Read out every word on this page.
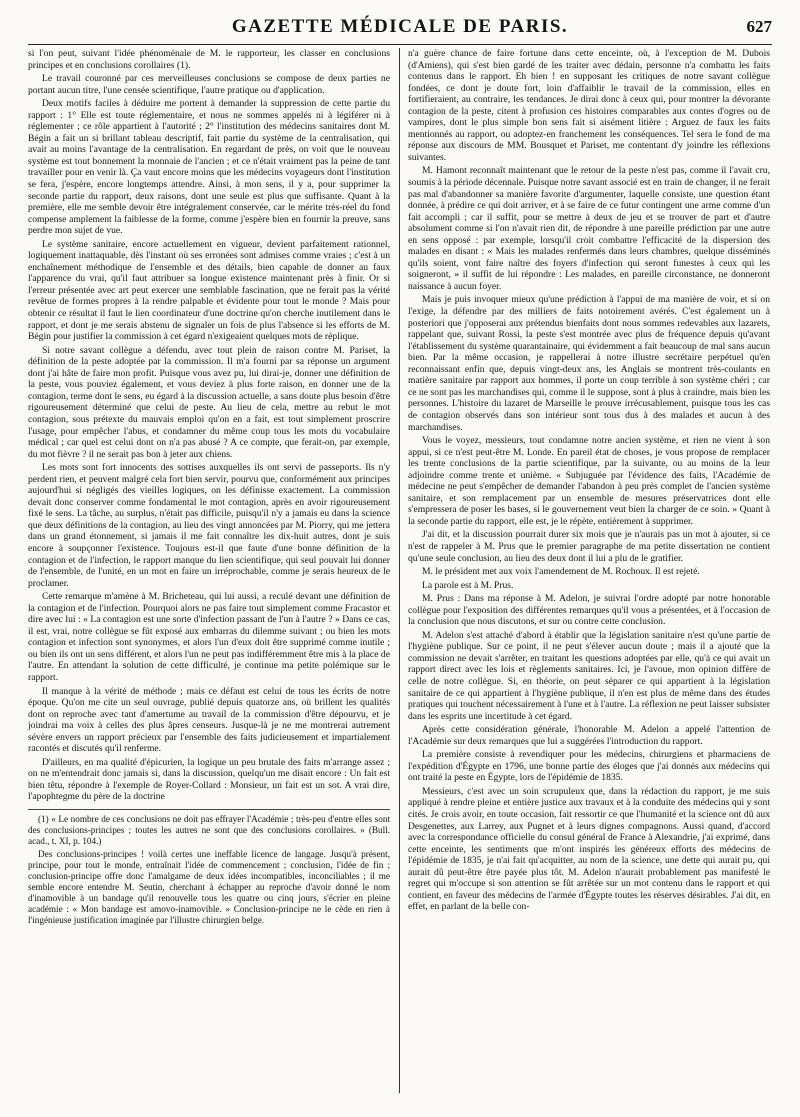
GAZETTE MÉDICALE DE PARIS.	627

si l'on peut, suivant l'idée phénoménale de M. le rapporteur, les classer en conclusions principes et en conclusions corollaires (1).

Le travail couronné par ces merveilleuses conclusions se compose de deux parties ne portant aucun titre, l'une censée scientifique, l'autre pratique ou d'application.

Deux motifs faciles à déduire me portent à demander la suppression de cette partie du rapport : 1° Elle est toute réglementaire, et nous ne sommes appelés ni à légiférer ni à réglementer ; ce rôle appartient à l'autorité ; 2° l'institution des médecins sanitaires dont M. Bégin a fait un si brillant tableau descriptif, fait partie du système de la centralisation, qui avait au moins l'avantage de la centralisation. En regardant de près, on voit que le nouveau système est tout bonnement la monnaie de l'ancien ; et ce n'était vraiment pas la peine de tant travailler pour en venir là. Ça vaut encore moins que les médecins voyageurs dont l'institution se fera, j'espère, encore longtemps attendre. Ainsi, à mon sens, il y a, pour supprimer la seconde partie du rapport, deux raisons, dont une seule est plus que suffisante. Quant à la première, elle me semble devoir être intégralement conservée, car le mérite très-réel du fond compense amplement la faiblesse de la forme, comme j'espère bien en fournir la preuve, sans perdre mon sujet de vue.

Le système sanitaire, encore actuellement en vigueur, devient parfaitement rationnel, logiquement inattaquable, dès l'instant où ses erronées sont admises comme vraies ; c'est à un enchaînement méthodique de l'ensemble et des détails, bien capable de donner au faux l'apparence du vrai, qu'il faut attribuer sa longue existence maintenant près à finir. Or si l'erreur présentée avec art peut exercer une semblable fascination, que ne ferait pas la vérité revêtue de formes propres à la rendre palpable et évidente pour tout le monde ? Mais pour obtenir ce résultat il faut le lien coordinateur d'une doctrine qu'on cherche inutilement dans le rapport, et dont je me serais abstenu de signaler un fois de plus l'absence si les efforts de M. Bégin pour justifier la commission à cet égard n'exigeaient quelques mots de réplique.

Si notre savant collègue a défendu, avec tout plein de raison contre M. Pariset, la définition de la peste adoptée par la commission. Il m'a fourni par sa réponse un argument dont j'ai hâte de faire mon profit. Puisque vous avez pu, lui dirai-je, donner une définition de la peste, vous pouviez également, et vous deviez à plus forte raison, en donner une de la contagion, terme dont le sens, eu égard à la discussion actuelle, a sans doute plus besoin d'être rigoureusement déterminé que celui de peste. Au lieu de cela, mettre au rebut le mot contagion, sous prétexte du mauvais emploi qu'on en a fait, est tout simplement proscrire l'usage, pour empêcher l'abus, et condamner du même coup tous les mots du vocabulaire médical ; car quel est celui dont on n'a pas abusé ? A ce compte, que ferait-on, par exemple, du mot fièvre ? il ne serait pas bon à jeter aux chiens.

Les mots sont fort innocents des sottises auxquelles ils ont servi de passeports. Ils n'y perdent rien, et peuvent malgré cela fort bien servir, pourvu que, conformément aux principes aujourd'hui si négligés des vieilles logiques, on les définisse exactement. La commission devait donc conserver comme fondamental le mot contagion, après en avoir rigoureusement fixé le sens. La tâche, au surplus, n'était pas difficile, puisqu'il n'y a jamais eu dans la science que deux définitions de la contagion, au lieu des vingt annoncées par M. Piorry, qui me jettera dans un grand étonnement, si jamais il me fait connaître les dix-huit autres, dont je suis encore à soupçonner l'existence. Toujours est-il que faute d'une bonne définition de la contagion et de l'infection, le rapport manque du lien scientifique, qui seul pouvait lui donner de l'ensemble, de l'unité, en un mot en faire un irréprochable, comme je serais heureux de le proclamer.

Cette remarque m'amène à M. Bricheteau, qui lui aussi, a reculé devant une définition de la contagion et de l'infection. Pourquoi alors ne pas faire tout simplement comme Fracastor et dire avec lui : « La contagion est une sorte d'infection passant de l'un à l'autre ? » Dans ce cas, il est, vrai, notre collègue se fût exposé aux embarras du dilemme suivant ; ou bien les mots contagion et infection sont synonymes, et alors l'un d'eux doit être supprimé comme inutile ; ou bien ils ont un sens différent, et alors l'un ne peut pas indifféremment être mis à la place de l'autre. En attendant la solution de cette difficulté, je continue ma petite polémique sur le rapport.

Il manque à la vérité de méthode ; mais ce défaut est celui de tous les écrits de notre époque. Qu'on me cite un seul ouvrage, publié depuis quatorze ans, où brillent les qualités dont on reproche avec tant d'amertume au travail de la commission d'être dépourvu, et je joindrai ma voix à celles des plus âpres censeurs. Jusque-là je ne me montrerai autrement sévère envers un rapport précieux par l'ensemble des faits judicieusement et impartialement racontés et discutés qu'il renferme.

D'ailleurs, en ma qualité d'épicurien, la logique un peu brutale des faits m'arrange assez ; on ne m'entendrait donc jamais si, dans la discussion, quelqu'un me disait encore : Un fait est bien têtu, répondre à l'exemple de Royer-Collard : Monsieur, un fait est un sot. A vrai dire, l'apophtegme du père de la doctrine

(1) « Le nombre de ces conclusions ne doit pas effrayer l'Académie ; très-peu d'entre elles sont des conclusions-principes ; toutes les autres ne sont que des conclusions corollaires. » (Bull. acad., t. XI, p. 104.)

Des conclusions-principes ! voilà certes une ineffable licence de langage. Jusqu'à présent, principe, pour tout le monde, entraînait l'idée de commencement ; conclusion, l'idée de fin ; conclusion-principe offre donc l'amalgame de deux idées incompatibles, inconciliables ; il me semble encore entendre M. Seutin, cherchant à échapper au reproche d'avoir donné le nom d'inamovible à un bandage qu'il renouvelle tous les quatre ou cinq jours, s'écrier en pleine académie : « Mon bandage est amovo-inamovible. » Conclusion-principe ne le cède en rien à l'ingénieuse justification imaginée par l'illustre chirurgien belge.

n'a guère chance de faire fortune dans cette enceinte, où, à l'exception de M. Dubois (d'Amiens), qui s'est bien gardé de les traiter avec dédain, personne n'a combattu les faits contenus dans le rapport. Eh bien ! en supposant les critiques de notre savant collègue fondées, ce dont je doute fort, loin d'affaiblir le travail de la commission, elles en fortifieraient, au contraire, les tendances. Je dirai donc à ceux qui, pour montrer la dévorante contagion de la peste, citent à profusion ces histoires comparables aux contes d'ogres ou de vampires, dont le plus simple bon sens fait si aisément litière : Arguez de faux les faits mentionnés au rapport, ou adoptez-en franchement les conséquences. Tel sera le fond de ma réponse aux discours de MM. Bousquet et Pariset, me contentant d'y joindre les réflexions suivantes.

M. Hamont reconnaît maintenant que le retour de la peste n'est pas, comme il l'avait cru, soumis à la période décennale. Puisque notre savant associé est en train de changer, il ne ferait pas mal d'abandonner sa manière favorite d'argumenter, laquelle consiste, une question étant donnée, à prédire ce qui doit arriver, et à se faire de ce futur contingent une arme comme d'un fait accompli ; car il suffit, pour se mettre à deux de jeu et se trouver de part et d'autre absolument comme si l'on n'avait rien dit, de répondre à une pareille prédiction par une autre en sens opposé : par exemple, lorsqu'il croit combattre l'efficacité de la dispersion des malades en disant : « Mais les malades renfermés dans leurs chambres, quelque disséminés qu'ils soient, vont faire naître des foyers d'infection qui seront funestes à ceux qui les soigneront, » il suffit de lui répondre : Les malades, en pareille circonstance, ne donneront naissance à aucun foyer.

Mais je puis invoquer mieux qu'une prédiction à l'appui de ma manière de voir, et si on l'exige, la défendre par des milliers de faits notoirement avérés. C'est également un à posteriori que j'opposerai aux prétendus bienfaits dont nous sommes redevables aux lazarets, rappelant que, suivant Rossi, la peste s'est montrée avec plus de fréquence depuis qu'avant l'établissement du système quarantainaire, qui évidemment a fait beaucoup de mal sans aucun bien. Par la même occasion, je rappellerai à notre illustre secrétaire perpétuel qu'en reconnaissant enfin que, depuis vingt-deux ans, les Anglais se montrent très-coulants en matière sanitaire par rapport aux hommes, il porte un coup terrible à son système chéri ; car ce ne sont pas les marchandises qui, comme il le suppose, sont à plus à craindre, mais bien les personnes. L'histoire du lazaret de Marseille le prouve irrécusablement, puisque tous les cas de contagion observés dans son intérieur sont tous dus à des malades et aucun à des marchandises.

Vous le voyez, messieurs, tout condamne notre ancien système, et rien ne vient à son appui, si ce n'est peut-être M. Londe. En pareil état de choses, je vous propose de remplacer les trente conclusions de la partie scientifique, par la suivante, ou au moins de la leur adjoindre comme trente et unième. « Subjuguée par l'évidence des faits, l'Académie de médecine ne peut s'empêcher de demander l'abandon à peu près complet de l'ancien système sanitaire, et son remplacement par un ensemble de mesures préservatrices dont elle s'empressera de poser les bases, si le gouvernement veut bien la charger de ce soin. » Quant à la seconde partie du rapport, elle est, je le répète, entièrement à supprimer.

J'ai dit, et la discussion pourrait durer six mois que je n'aurais pas un mot à ajouter, si ce n'est de rappeler à M. Prus que le premier paragraphe de ma petite dissertation ne contient qu'une seule conclusion, au lieu des deux dont il lui a plu de le gratifier.

M. le président met aux voix l'amendement de M. Rochoux. Il est rejeté.

La parole est à M. Prus.

M. Prus : Dans ma réponse à M. Adelon, je suivrai l'ordre adopté par notre honorable collègue pour l'exposition des différentes remarques qu'il vous a présentées, et à l'occasion de la conclusion que nous discutons, et sur ou contre cette conclusion.

M. Adelon s'est attaché d'abord à établir que la législation sanitaire n'est qu'une partie de l'hygiène publique. Sur ce point, il ne peut s'élever aucun doute ; mais il a ajouté que la commission ne devait s'arrêter, en traitant les questions adoptées par elle, qu'à ce qui avait un rapport direct avec les lois et règlements sanitaires. Ici, je l'avoue, mon opinion diffère de celle de notre collègue. Si, en théorie, on peut séparer ce qui appartient à la législation sanitaire de ce qui appartient à l'hygiène publique, il n'en est plus de même dans des études pratiques qui touchent nécessairement à l'une et à l'autre. La réflexion ne peut laisser subsister dans les esprits une incertitude à cet égard.

Après cette considération générale, l'honorable M. Adelon a appelé l'attention de l'Académie sur deux remarques que lui a suggérées l'introduction du rapport.

La première consiste à revendiquer pour les médecins, chirurgiens et pharmaciens de l'expédition d'Égypte en 1796, une bonne partie des éloges que j'ai donnés aux médecins qui ont traité la peste en Égypte, lors de l'épidémie de 1835.

Messieurs, c'est avec un soin scrupuleux que, dans la rédaction du rapport, je me suis appliqué à rendre pleine et entière justice aux travaux et à la conduite des médecins qui y sont cités. Je crois avoir, en toute occasion, fait ressortir ce que l'humanité et la science ont dû aux Desgenettes, aux Larrey, aux Pugnet et à leurs dignes compagnons. Aussi quand, d'accord avec la correspondance officielle du consul général de France à Alexandrie, j'ai exprimé, dans cette enceinte, les sentiments que m'ont inspirés les généreux efforts des médecins de l'épidémie de 1835, je n'ai fait qu'acquitter, au nom de la science, une dette qui aurait pu, qui aurait dû peut-être être payée plus tôt. M. Adelon n'aurait probablement pas manifesté le regret qui m'occupe si son attention se fût arrêtée sur un mot contenu dans le rapport et qui contient, en faveur des médecins de l'armée d'Égypte toutes les réserves désirables. J'ai dit, en effet, en parlant de la belle con-
